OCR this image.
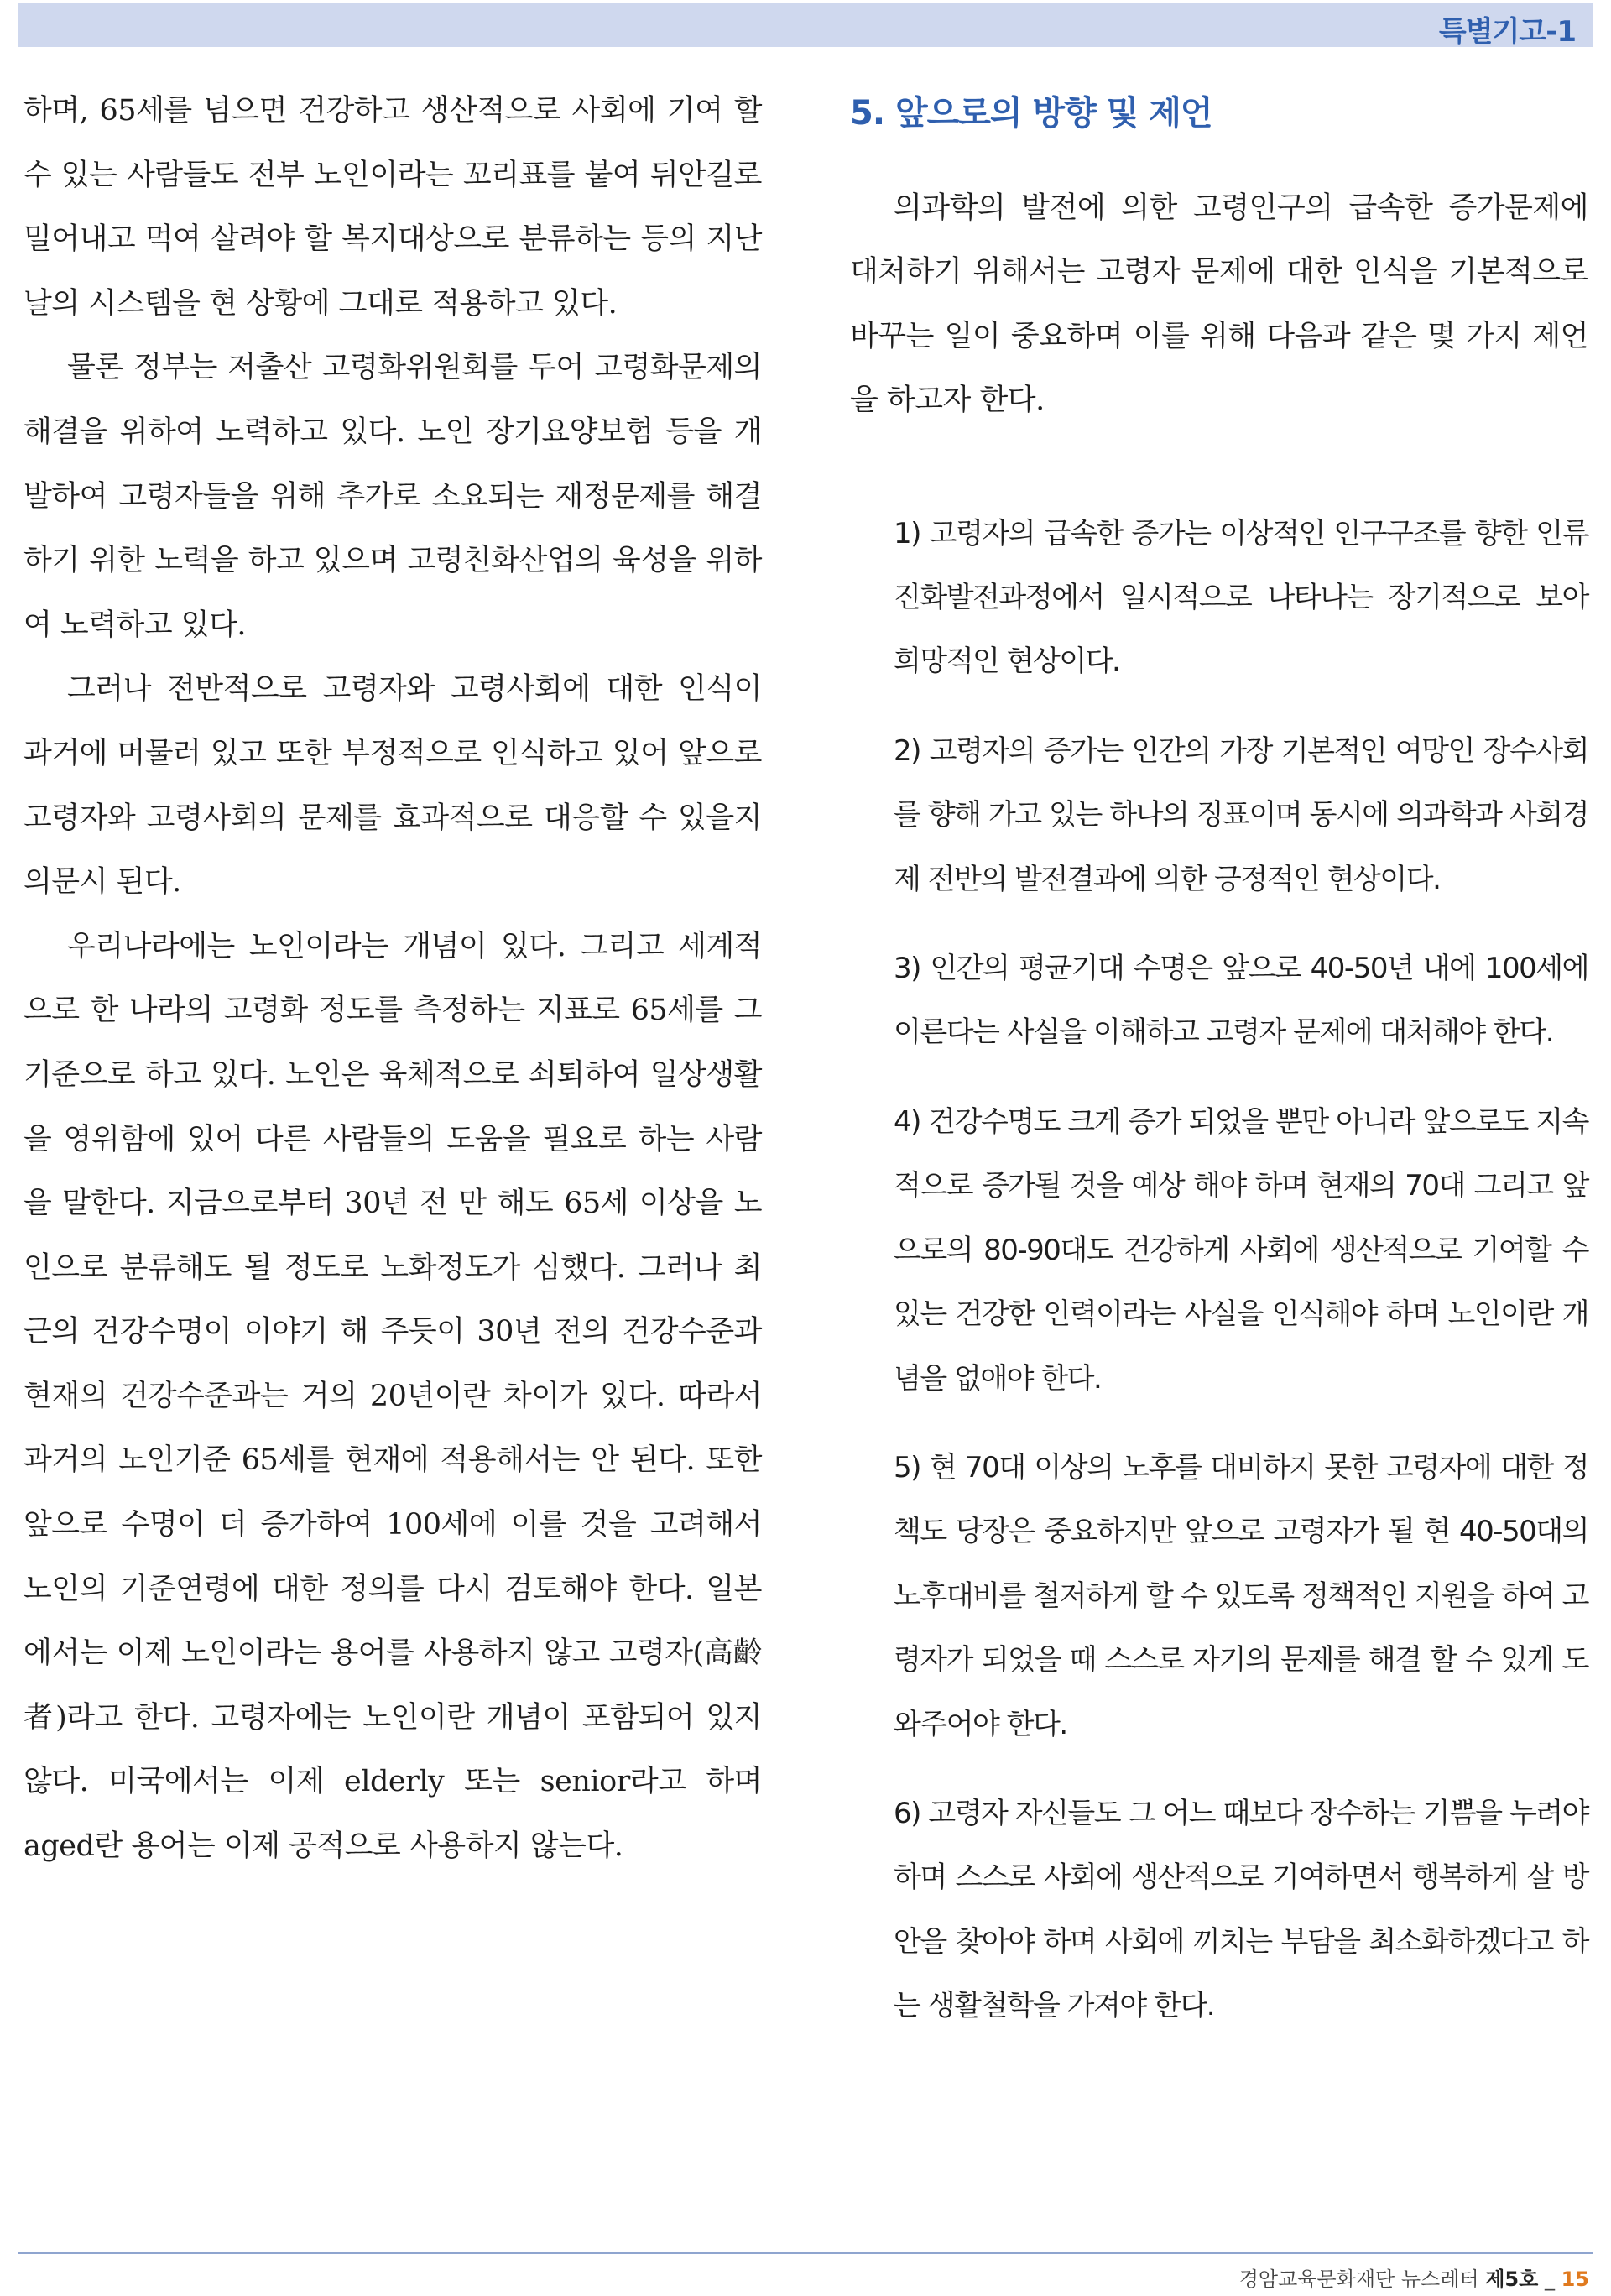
특별기고-1

하며, 65세를 넘으면 건강하고 생산적으로 사회에 기여 할 수 있는 사람들도 전부 노인이라는 꼬리표를 붙여 뒤안길로 밀어내고 먹여 살려야 할 복지대상으로 분류하는 등의 지난날의 시스템을 현 상황에 그대로 적용하고 있다.

물론 정부는 저출산 고령화위원회를 두어 고령화문제의 해결을 위하여 노력하고 있다. 노인 장기요양보험 등을 개발하여 고령자들을 위해 추가로 소요되는 재정문제를 해결하기 위한 노력을 하고 있으며 고령친화산업의 육성을 위하여 노력하고 있다.

그러나 전반적으로 고령자와 고령사회에 대한 인식이 과거에 머물러 있고 또한 부정적으로 인식하고 있어 앞으로 고령자와 고령사회의 문제를 효과적으로 대응할 수 있을지 의문시 된다.

우리나라에는 노인이라는 개념이 있다. 그리고 세계적으로 한 나라의 고령화 정도를 측정하는 지표로 65세를 그 기준으로 하고 있다. 노인은 육체적으로 쇠퇴하여 일상생활을 영위함에 있어 다른 사람들의 도움을 필요로 하는 사람을 말한다. 지금으로부터 30년 전 만 해도 65세 이상을 노인으로 분류해도 될 정도로 노화정도가 심했다. 그러나 최근의 건강수명이 이야기 해 주듯이 30년 전의 건강수준과 현재의 건강수준과는 거의 20년이란 차이가 있다. 따라서 과거의 노인기준 65세를 현재에 적용해서는 안 된다. 또한 앞으로 수명이 더 증가하여 100세에 이를 것을 고려해서 노인의 기준연령에 대한 정의를 다시 검토해야 한다. 일본에서는 이제 노인이라는 용어를 사용하지 않고 고령자(高齡者)라고 한다. 고령자에는 노인이란 개념이 포함되어 있지 않다. 미국에서는 이제 elderly 또는 senior라고 하며 aged란 용어는 이제 공적으로 사용하지 않는다.

5. 앞으로의 방향 및 제언

의과학의 발전에 의한 고령인구의 급속한 증가문제에 대처하기 위해서는 고령자 문제에 대한 인식을 기본적으로 바꾸는 일이 중요하며 이를 위해 다음과 같은 몇 가지 제언을 하고자 한다.

1) 고령자의 급속한 증가는 이상적인 인구구조를 향한 인류 진화발전과정에서 일시적으로 나타나는 장기적으로 보아 희망적인 현상이다.

2) 고령자의 증가는 인간의 가장 기본적인 여망인 장수사회를 향해 가고 있는 하나의 징표이며 동시에 의과학과 사회경제 전반의 발전결과에 의한 긍정적인 현상이다.

3) 인간의 평균기대 수명은 앞으로 40-50년 내에 100세에 이른다는 사실을 이해하고 고령자 문제에 대처해야 한다.

4) 건강수명도 크게 증가 되었을 뿐만 아니라 앞으로도 지속적으로 증가될 것을 예상 해야 하며 현재의 70대 그리고 앞으로의 80-90대도 건강하게 사회에 생산적으로 기여할 수 있는 건강한 인력이라는 사실을 인식해야 하며 노인이란 개념을 없애야 한다.

5) 현 70대 이상의 노후를 대비하지 못한 고령자에 대한 정책도 당장은 중요하지만 앞으로 고령자가 될 현 40-50대의 노후대비를 철저하게 할 수 있도록 정책적인 지원을 하여 고령자가 되었을 때 스스로 자기의 문제를 해결 할 수 있게 도와주어야 한다.

6) 고령자 자신들도 그 어느 때보다 장수하는 기쁨을 누려야 하며 스스로 사회에 생산적으로 기여하면서 행복하게 살 방안을 찾아야 하며 사회에 끼치는 부담을 최소화하겠다고 하는 생활철학을 가져야 한다.

경암교육문화재단 뉴스레터 제5호 _ 15
